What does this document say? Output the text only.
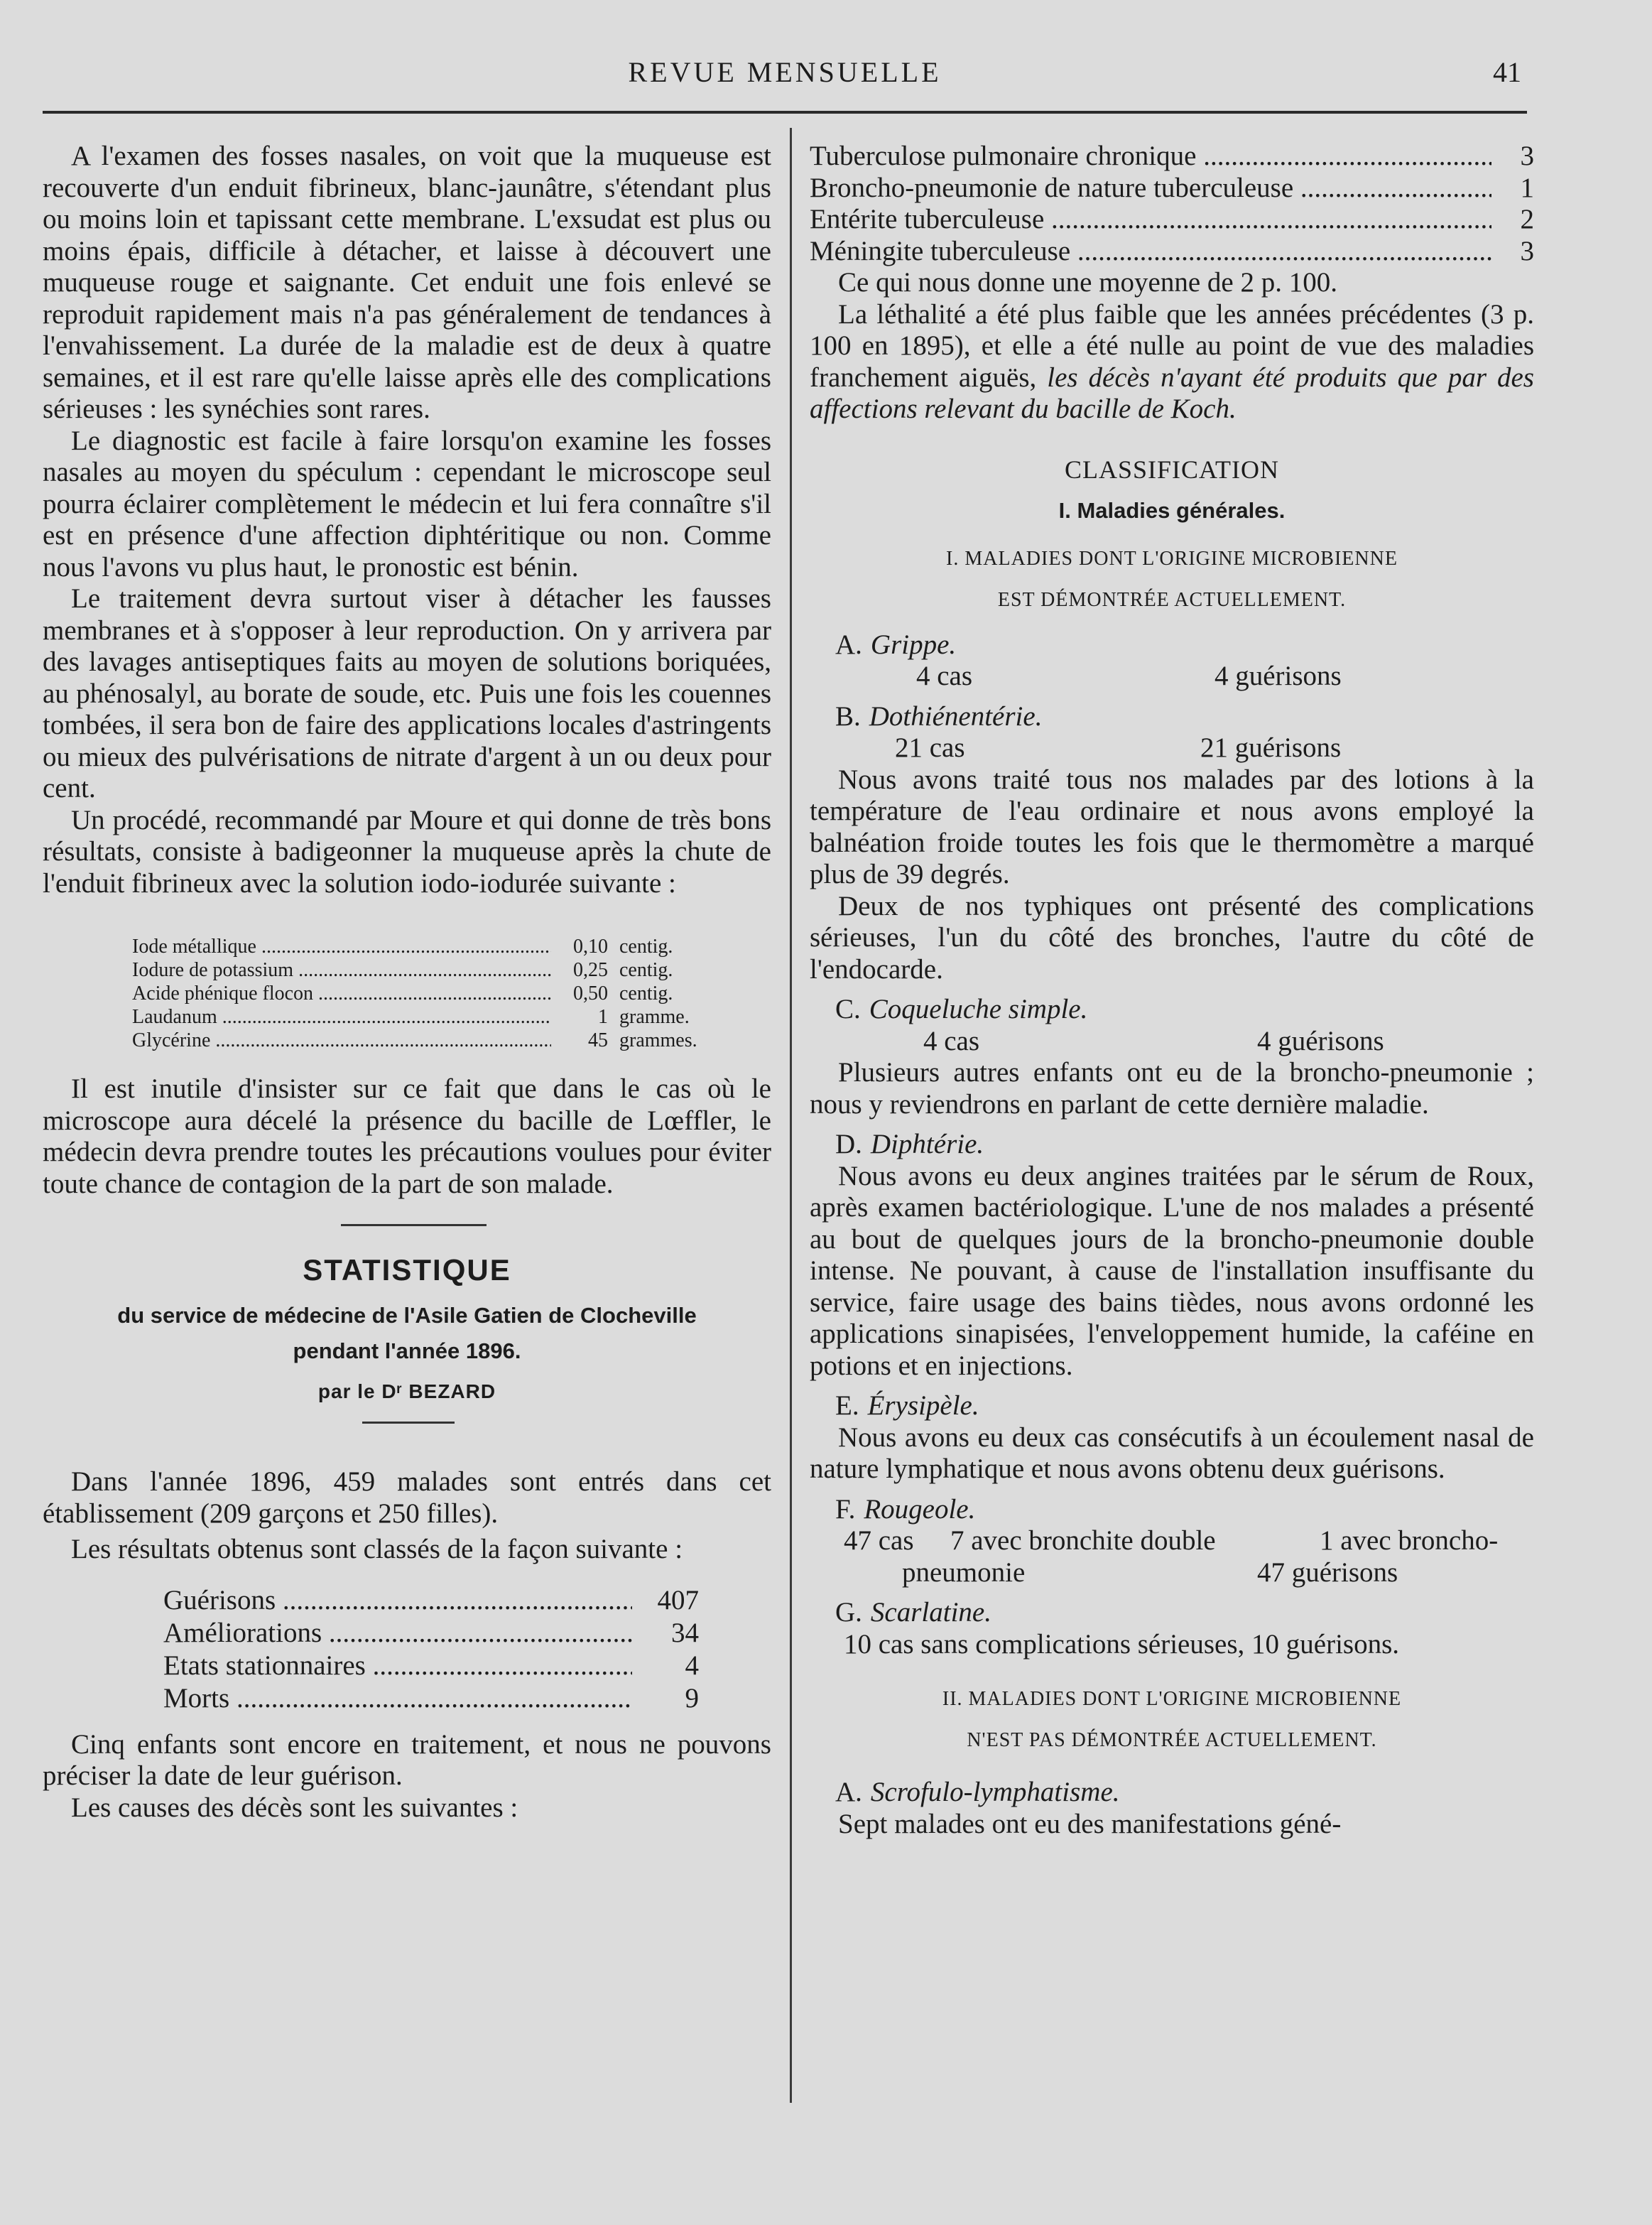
REVUE MENSUELLE	41

A l'examen des fosses nasales, on voit que la muqueuse est recouverte d'un enduit fibrineux, blanc-jaunâtre, s'étendant plus ou moins loin et tapissant cette membrane. L'exsudat est plus ou moins épais, difficile à détacher, et laisse à découvert une muqueuse rouge et saignante. Cet enduit une fois enlevé se reproduit rapidement mais n'a pas généralement de tendances à l'envahissement. La durée de la maladie est de deux à quatre semaines, et il est rare qu'elle laisse après elle des complications sérieuses : les synéchies sont rares.

Le diagnostic est facile à faire lorsqu'on examine les fosses nasales au moyen du spéculum : cependant le microscope seul pourra éclairer complètement le médecin et lui fera connaître s'il est en présence d'une affection diphtéritique ou non. Comme nous l'avons vu plus haut, le pronostic est bénin.

Le traitement devra surtout viser à détacher les fausses membranes et à s'opposer à leur reproduction. On y arrivera par des lavages antiseptiques faits au moyen de solutions boriquées, au phénosalyl, au borate de soude, etc. Puis une fois les couennes tombées, il sera bon de faire des applications locales d'astringents ou mieux des pulvérisations de nitrate d'argent à un ou deux pour cent.

Un procédé, recommandé par Moure et qui donne de très bons résultats, consiste à badigeonner la muqueuse après la chute de l'enduit fibrineux avec la solution iodo-iodurée suivante :

Iode métallique .....	0,10 centig.
Iodure de potassium .....	0,25 centig.
Acide phénique flocon .....	0,50 centig.
Laudanum .....	1 gramme.
Glycérine .....	45 grammes.

Il est inutile d'insister sur ce fait que dans le cas où le microscope aura décelé la présence du bacille de Lœffler, le médecin devra prendre toutes les précautions voulues pour éviter toute chance de contagion de la part de son malade.

STATISTIQUE
du service de médecine de l'Asile Gatien de Clocheville
pendant l'année 1896.
par le Dʳ BEZARD

Dans l'année 1896, 459 malades sont entrés dans cet établissement (209 garçons et 250 filles).

Les résultats obtenus sont classés de la façon suivante :

Guérisons .....	407
Améliorations .....	34
Etats stationnaires .....	4
Morts .....	9

Cinq enfants sont encore en traitement, et nous ne pouvons préciser la date de leur guérison.

Les causes des décès sont les suivantes :

Tuberculose pulmonaire chronique .....	3
Broncho-pneumonie de nature tuberculeuse .....	1
Entérite tuberculeuse .....	2
Méningite tuberculeuse .....	3

Ce qui nous donne une moyenne de 2 p. 100.

La léthalité a été plus faible que les années précédentes (3 p. 100 en 1895), et elle a été nulle au point de vue des maladies franchement aiguës, les décès n'ayant été produits que par des affections relevant du bacille de Koch.

CLASSIFICATION
I. Maladies générales.
I. MALADIES DONT L'ORIGINE MICROBIENNE
EST DÉMONTRÉE ACTUELLEMENT.
A. Grippe.
4 cas	4 guérisons
B. Dothiénentérie.
21 cas	21 guérisons

Nous avons traité tous nos malades par des lotions à la température de l'eau ordinaire et nous avons employé la balnéation froide toutes les fois que le thermomètre a marqué plus de 39 degrés.

Deux de nos typhiques ont présenté des complications sérieuses, l'un du côté des bronches, l'autre du côté de l'endocarde.

C. Coqueluche simple.
4 cas	4 guérisons

Plusieurs autres enfants ont eu de la broncho-pneumonie ; nous y reviendrons en parlant de cette dernière maladie.

D. Diphtérie.

Nous avons eu deux angines traitées par le sérum de Roux, après examen bactériologique. L'une de nos malades a présenté au bout de quelques jours de la broncho-pneumonie double intense. Ne pouvant, à cause de l'installation insuffisante du service, faire usage des bains tièdes, nous avons ordonné les applications sinapisées, l'enveloppement humide, la caféine en potions et en injections.

E. Érysipèle.

Nous avons eu deux cas consécutifs à un écoulement nasal de nature lymphatique et nous avons obtenu deux guérisons.

F. Rougeole.
47 cas	7 avec bronchite double	1 avec broncho-
pneumonie	47 guérisons
G. Scarlatine.

10 cas sans complications sérieuses, 10 guérisons.

II. MALADIES DONT L'ORIGINE MICROBIENNE
N'EST PAS DÉMONTRÉE ACTUELLEMENT.
A. Scrofulo-lymphatisme.

Sept malades ont eu des manifestations géné-
